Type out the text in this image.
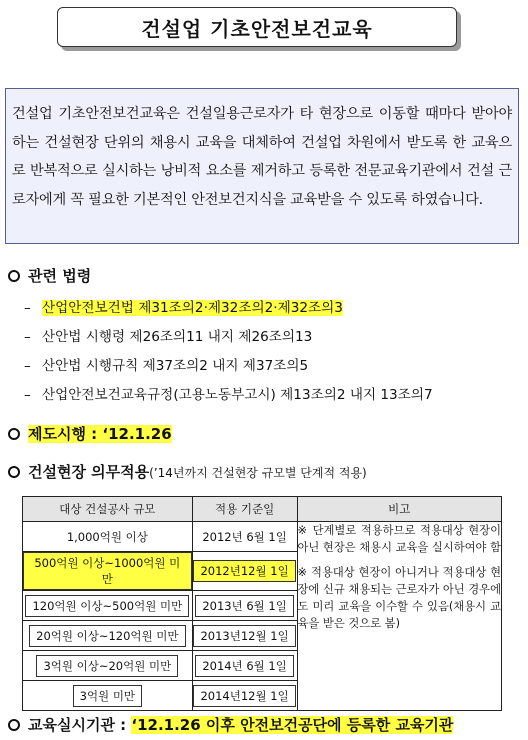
건설업 기초안전보건교육
건설업 기초안전보건교육은 건설일용근로자가 타 현장으로 이동할 때마다 받아야 하는 건설현장 단위의 채용시 교육을 대체하여 건설업 차원에서 받도록 한 교육으로 반복적으로 실시하는 낭비적 요소를 제거하고 등록한 전문교육기관에서 건설 근로자에게 꼭 필요한 기본적인 안전보건지식을 교육받을 수 있도록 하였습니다.
관련 법령
– 산업안전보건법 제31조의2·제32조의2·제32조의3
– 산안법 시행령 제26조의11 내지 제26조의13
– 산안법 시행규칙 제37조의2 내지 제37조의5
– 산업안전보건교육규정(고용노동부고시) 제13조의2 내지 13조의7
제도시행 : ‘12.1.26
건설현장 의무적용(’14년까지 건설현장 규모별 단계적 적용)
대상 건설공사 규모	적용 기준일	비고
1,000억원 이상	2012년 6월 1일	※ 단계별로 적용하므로 적용대상 현장이 아닌 현장은 채용시 교육을 실시하여야 함

※ 적용대상 현장이 아니거나 적용대상 현장에 신규 채용되는 근로자가 아닌 경우에도 미리 교육을 이수할 수 있음(채용시 교육을 받은 것으로 봄)

500억원 이상~1000억원 미만	2012년12월 1일	
120억원 이상~500억원 미만	2013년 6월 1일	
20억원 이상~120억원 미만	2013년12월 1일	
3억원 이상~20억원 미만	2014년 6월 1일	
3억원 미만	2014년12월 1일	
교육실시기관 : ‘12.1.26 이후 안전보건공단에 등록한 교육기관
